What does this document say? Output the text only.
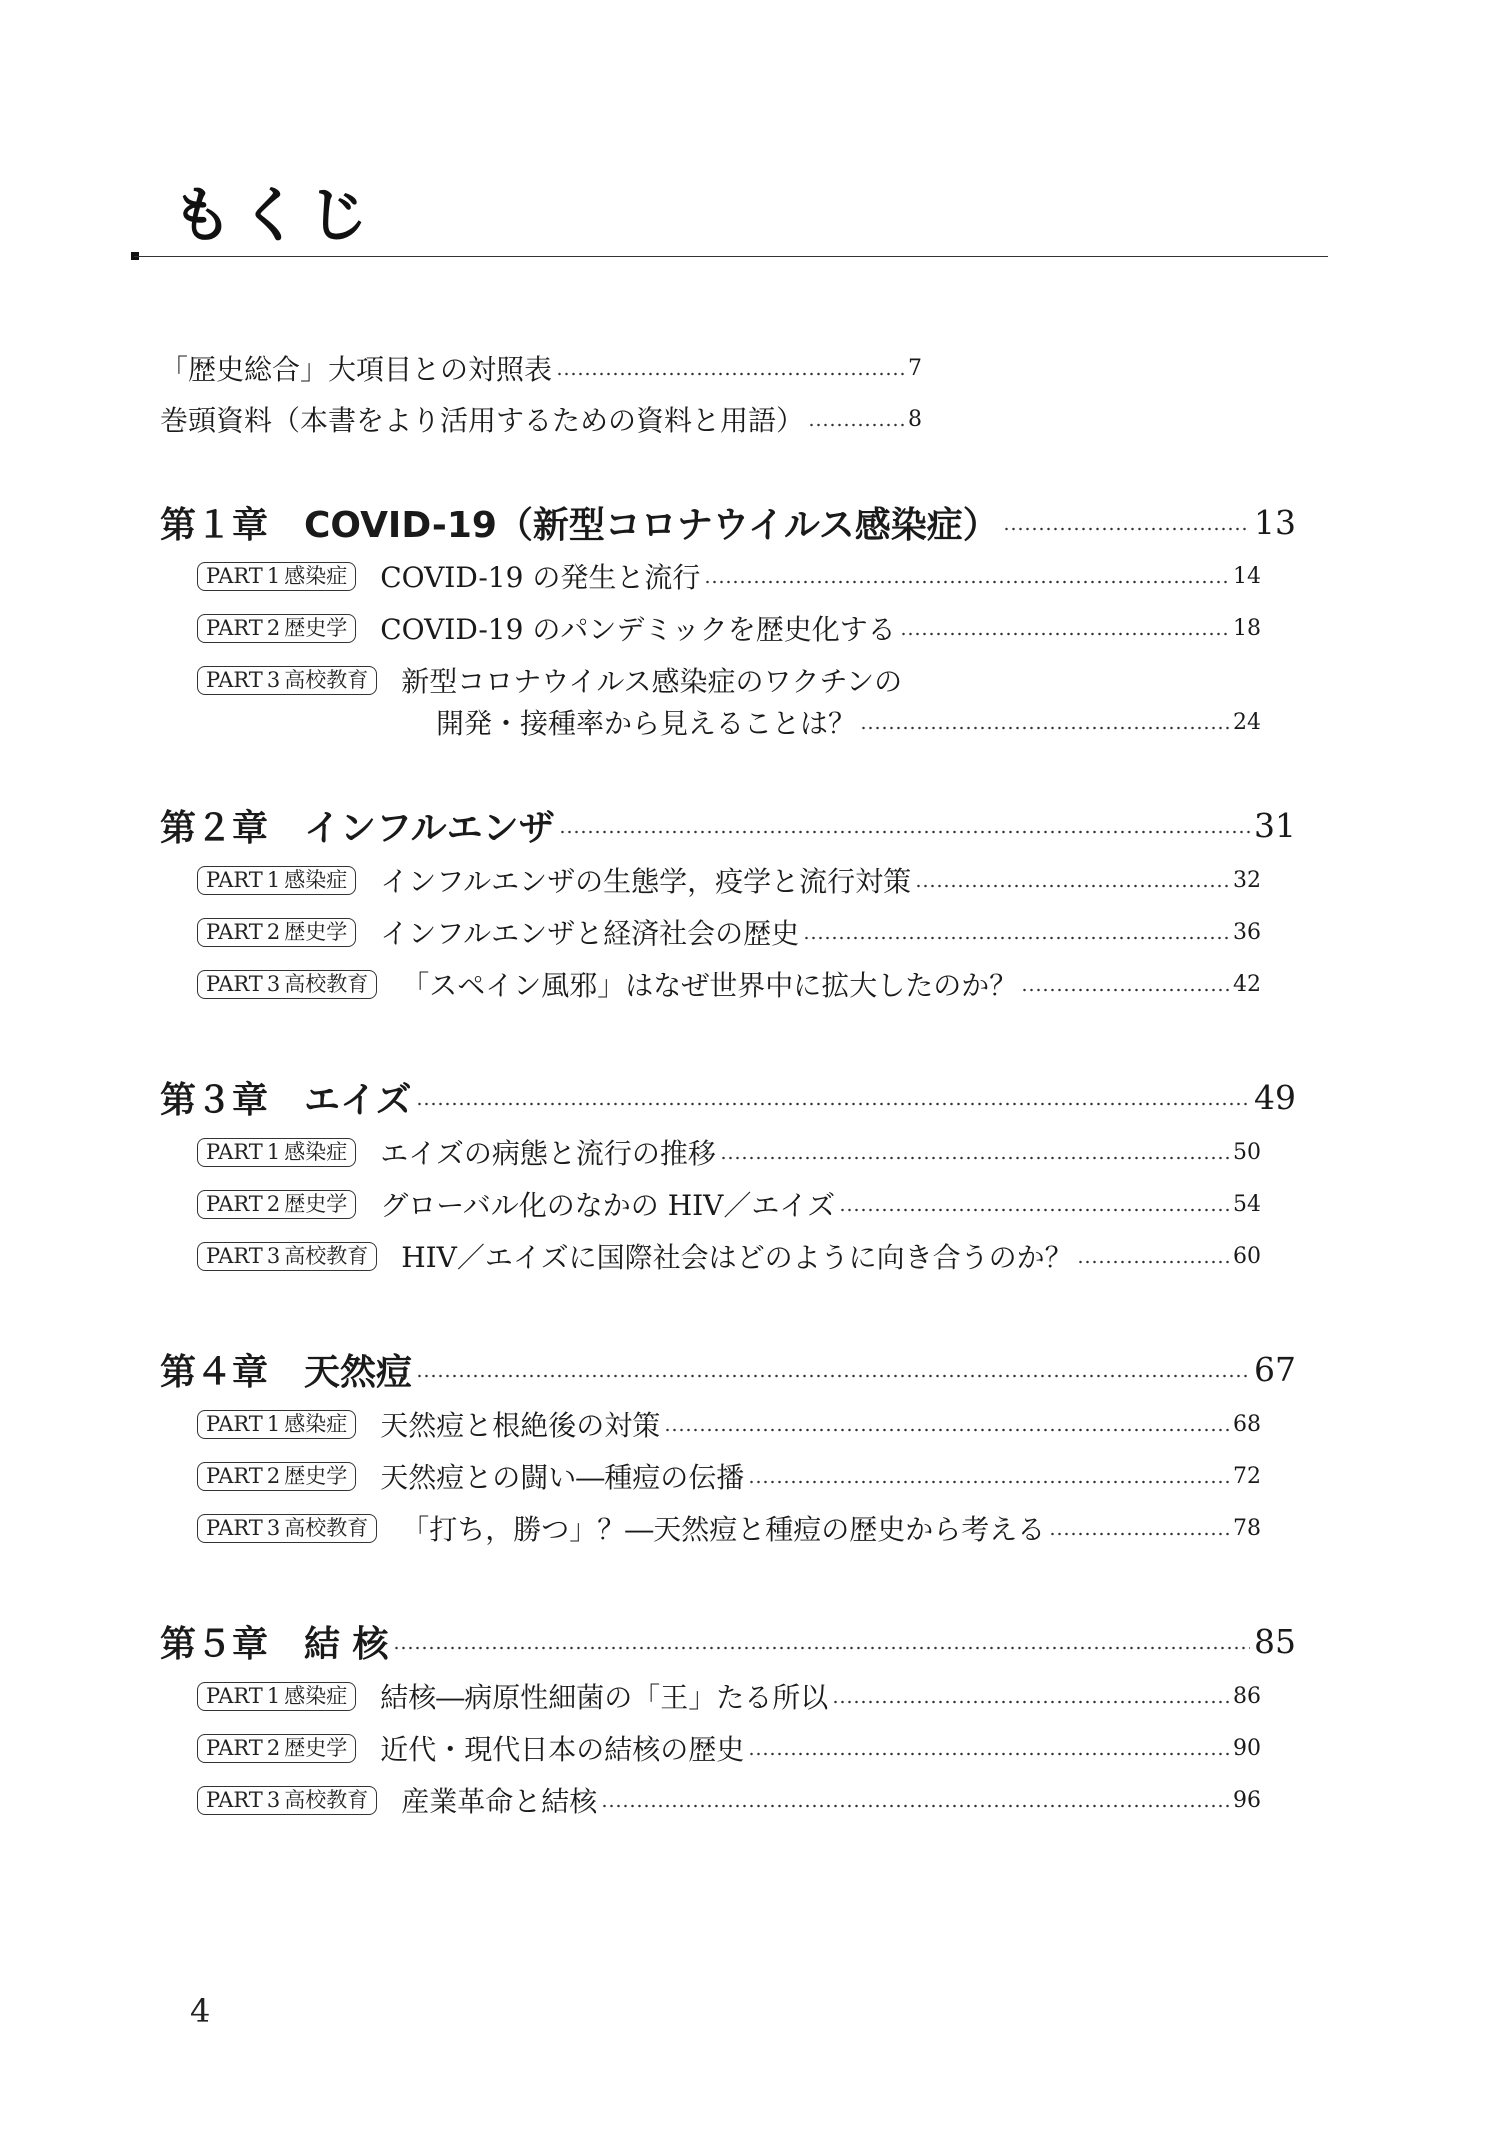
もくじ
「歴史総合」大項目との対照表	7
巻頭資料（本書をより活用するための資料と用語）	8
第１章 COVID-19（新型コロナウイルス感染症）	13
PART 1 感染症	COVID-19 の発生と流行	14
PART 2 歴史学	COVID-19 のパンデミックを歴史化する	18
PART 3 高校教育	新型コロナウイルス感染症のワクチンの
開発・接種率から見えることは？	24
第２章 インフルエンザ	31
PART 1 感染症	インフルエンザの生態学，疫学と流行対策	32
PART 2 歴史学	インフルエンザと経済社会の歴史	36
PART 3 高校教育	「スペイン風邪」はなぜ世界中に拡大したのか？	42
第３章 エイズ	49
PART 1 感染症	エイズの病態と流行の推移	50
PART 2 歴史学	グローバル化のなかの HIV／エイズ	54
PART 3 高校教育	HIV／エイズに国際社会はどのように向き合うのか？	60
第４章 天然痘	67
PART 1 感染症	天然痘と根絶後の対策	68
PART 2 歴史学	天然痘との闘い―種痘の伝播	72
PART 3 高校教育	「打ち，勝つ」？―天然痘と種痘の歴史から考える	78
第５章 結 核	85
PART 1 感染症	結核―病原性細菌の「王」たる所以	86
PART 2 歴史学	近代・現代日本の結核の歴史	90
PART 3 高校教育	産業革命と結核	96
4
